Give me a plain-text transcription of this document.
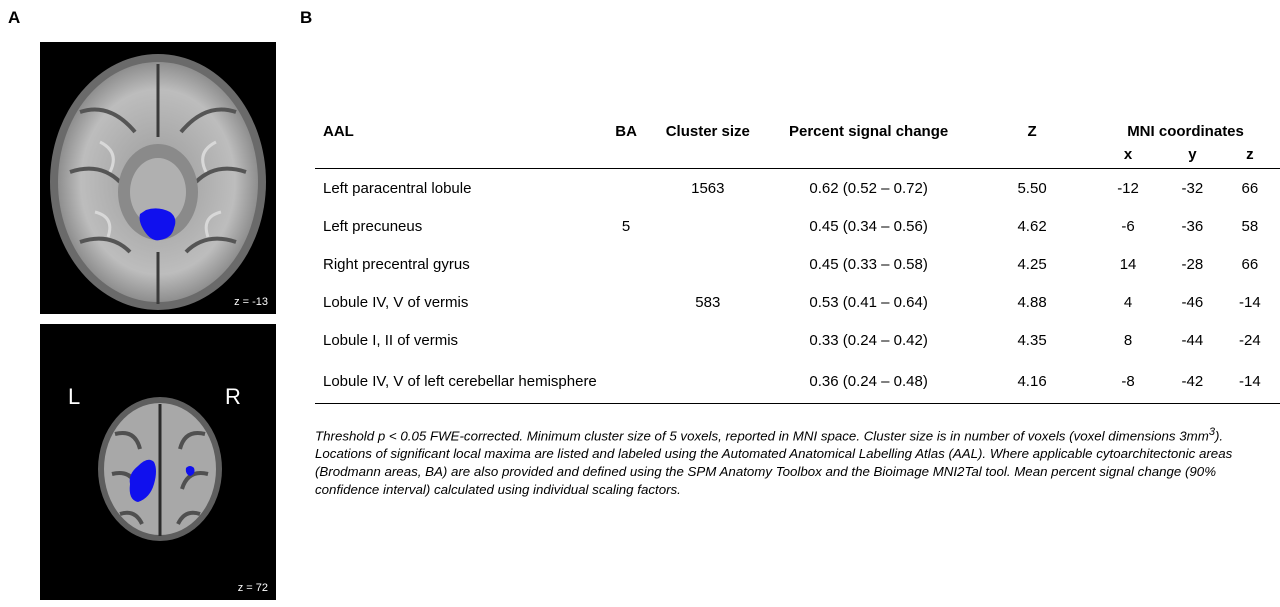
A	B
z = -13
L	R
z = 72
AAL	BA	Cluster size	Percent signal change	Z	MNI coordinates		
					x	y	z
Left paracentral lobule		1563	0.62 (0.52 – 0.72)	5.50	-12	-32	66
Left precuneus	5		0.45 (0.34 – 0.56)	4.62	-6	-36	58
Right precentral gyrus			0.45 (0.33 – 0.58)	4.25	14	-28	66
Lobule IV, V of vermis		583	0.53 (0.41 – 0.64)	4.88	4	-46	-14
Lobule I, II of vermis			0.33 (0.24 – 0.42)	4.35	8	-44	-24
Lobule IV, V of left cerebellar hemisphere			0.36 (0.24 – 0.48)	4.16	-8	-42	-14
Threshold p < 0.05 FWE-corrected. Minimum cluster size of 5 voxels, reported in MNI space. Cluster size is in number of voxels (voxel dimensions $3mm^3$). Locations of significant local maxima are listed and labeled using the Automated Anatomical Labelling Atlas (AAL). Where applicable cytoarchitectonic areas (Brodmann areas, BA) are also provided and defined using the SPM Anatomy Toolbox and the Bioimage MNI2Tal tool. Mean percent signal change (90% confidence interval) calculated using individual scaling factors.
